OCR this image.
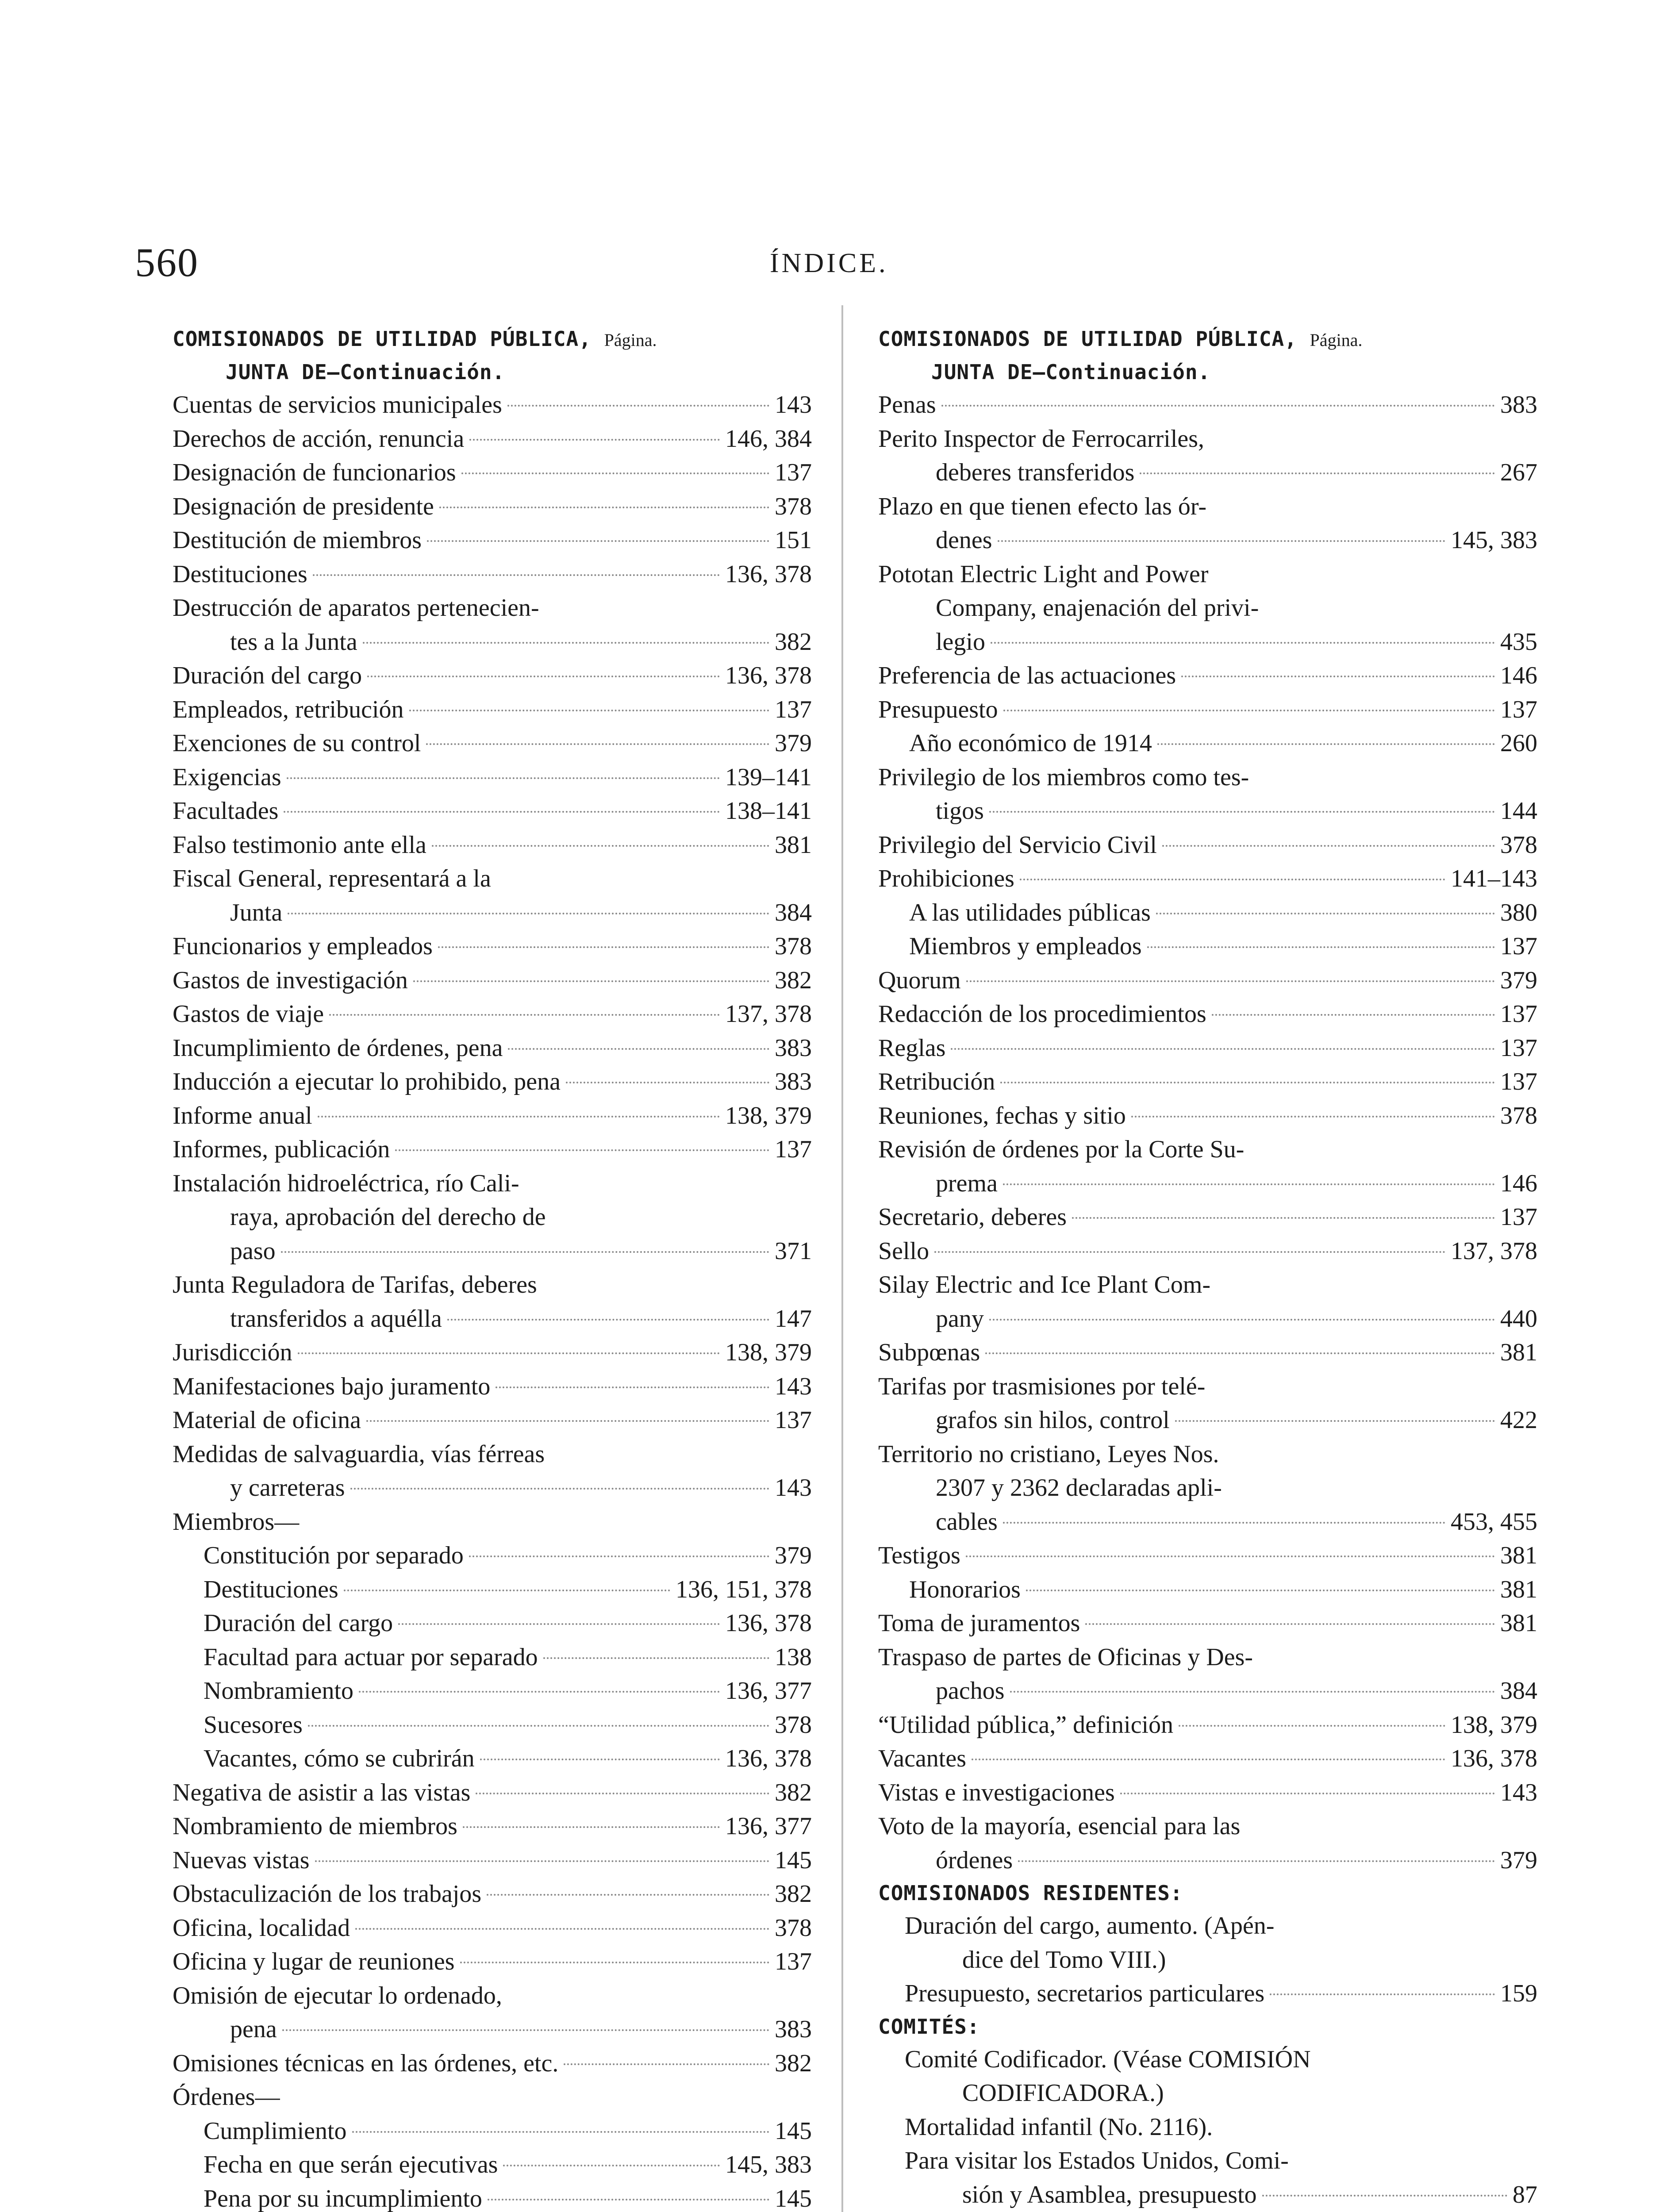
560	ÍNDICE.
COMISIONADOS DE UTILIDAD PÚBLICA, Página.
JUNTA DE—Continuación.
Cuentas de servicios municipales	143
Derechos de acción, renuncia	146, 384
Designación de funcionarios	137
Designación de presidente	378
Destitución de miembros	151
Destituciones	136, 378
Destrucción de aparatos pertenecien-
tes a la Junta	382
Duración del cargo	136, 378
Empleados, retribución	137
Exenciones de su control	379
Exigencias	139–141
Facultades	138–141
Falso testimonio ante ella	381
Fiscal General, representará a la
Junta	384
Funcionarios y empleados	378
Gastos de investigación	382
Gastos de viaje	137, 378
Incumplimiento de órdenes, pena	383
Inducción a ejecutar lo prohibido, pena	383
Informe anual	138, 379
Informes, publicación	137
Instalación hidroeléctrica, río Cali-
raya, aprobación del derecho de
paso	371
Junta Reguladora de Tarifas, deberes
transferidos a aquélla	147
Jurisdicción	138, 379
Manifestaciones bajo juramento	143
Material de oficina	137
Medidas de salvaguardia, vías férreas
y carreteras	143
Miembros—
Constitución por separado	379
Destituciones	136, 151, 378
Duración del cargo	136, 378
Facultad para actuar por separado	138
Nombramiento	136, 377
Sucesores	378
Vacantes, cómo se cubrirán	136, 378
Negativa de asistir a las vistas	382
Nombramiento de miembros	136, 377
Nuevas vistas	145
Obstaculización de los trabajos	382
Oficina, localidad	378
Oficina y lugar de reuniones	137
Omisión de ejecutar lo ordenado,
pena	383
Omisiones técnicas en las órdenes, etc.	382
Órdenes—
Cumplimiento	145
Fecha en que serán ejecutivas	145, 383
Pena por su incumplimiento	145
COMISIONADOS DE UTILIDAD PÚBLICA, Página.
JUNTA DE—Continuación.
Penas	383
Perito Inspector de Ferrocarriles,
deberes transferidos	267
Plazo en que tienen efecto las ór-
denes	145, 383
Pototan Electric Light and Power
Company, enajenación del privi-
legio	435
Preferencia de las actuaciones	146
Presupuesto	137
Año económico de 1914	260
Privilegio de los miembros como tes-
tigos	144
Privilegio del Servicio Civil	378
Prohibiciones	141–143
A las utilidades públicas	380
Miembros y empleados	137
Quorum	379
Redacción de los procedimientos	137
Reglas	137
Retribución	137
Reuniones, fechas y sitio	378
Revisión de órdenes por la Corte Su-
prema	146
Secretario, deberes	137
Sello	137, 378
Silay Electric and Ice Plant Com-
pany	440
Subpœnas	381
Tarifas por trasmisiones por telé-
grafos sin hilos, control	422
Territorio no cristiano, Leyes Nos.
2307 y 2362 declaradas apli-
cables	453, 455
Testigos	381
Honorarios	381
Toma de juramentos	381
Traspaso de partes de Oficinas y Des-
pachos	384
“Utilidad pública,” definición	138, 379
Vacantes	136, 378
Vistas e investigaciones	143
Voto de la mayoría, esencial para las
órdenes	379
COMISIONADOS RESIDENTES:
Duración del cargo, aumento. (Apén-
dice del Tomo VIII.)
Presupuesto, secretarios particulares	159
COMITÉS:
Comité Codificador. (Véase COMISIÓN
CODIFICADORA.)
Mortalidad infantil (No. 2116).
Para visitar los Estados Unidos, Comi-
sión y Asamblea, presupuesto	87
